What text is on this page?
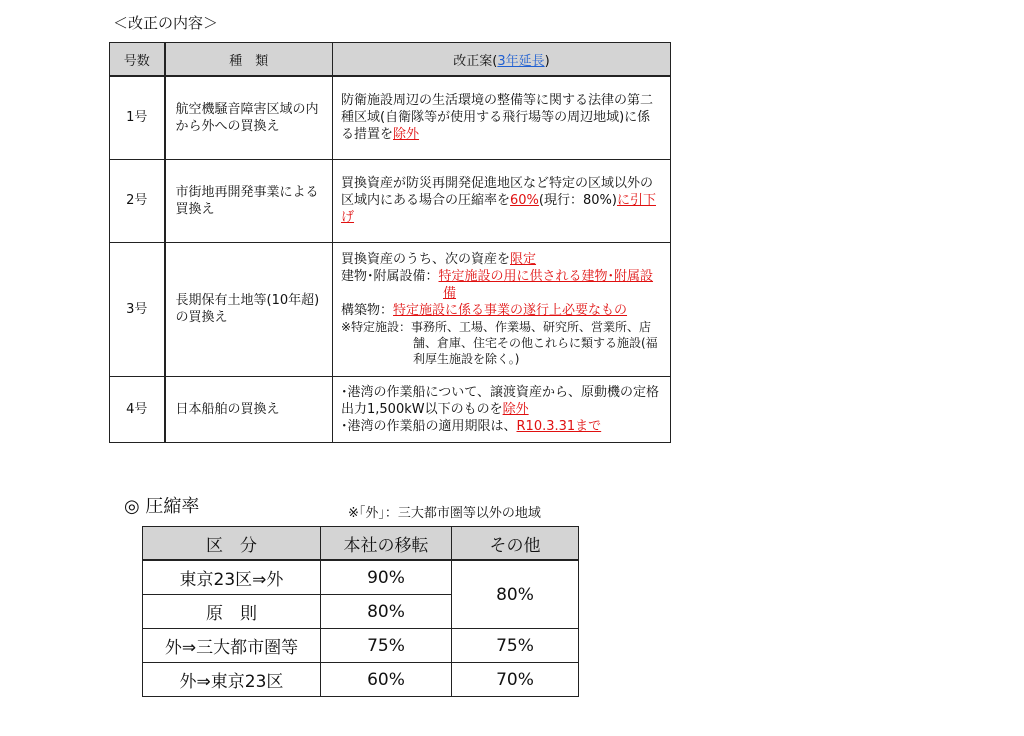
＜改正の内容＞
号数	種　類	改正案(3年延長)
1号	航空機騒音障害区域の内から外への買換え	防衛施設周辺の生活環境の整備等に関する法律の第二種区域(自衛隊等が使用する飛行場等の周辺地域)に係る措置を除外
2号	市街地再開発事業による買換え	買換資産が防災再開発促進地区など特定の区域以外の区域内にある場合の圧縮率を60%(現行：80%)に引下げ
3号	長期保有土地等(10年超)の買換え	買換資産のうち、次の資産を限定
建物･附属設備：特定施設の用に供される建物･附属設備
構築物：特定施設に係る事業の遂行上必要なもの
※特定施設：事務所、工場、作業場、研究所、営業所、店舗、倉庫、住宅その他これらに類する施設(福利厚生施設を除く。)

4号	日本船舶の買換え	･港湾の作業船について、譲渡資産から、原動機の定格出力1,500kW以下のものを除外
･港湾の作業船の適用期限は、R10.3.31まで
◎ 圧縮率	※｢外｣：三大都市圏等以外の地域
区　分	本社の移転	その他
東京23区⇒外	90%	80%
原　則	80%	
外⇒三大都市圏等	75%	75%
外⇒東京23区	60%	70%
